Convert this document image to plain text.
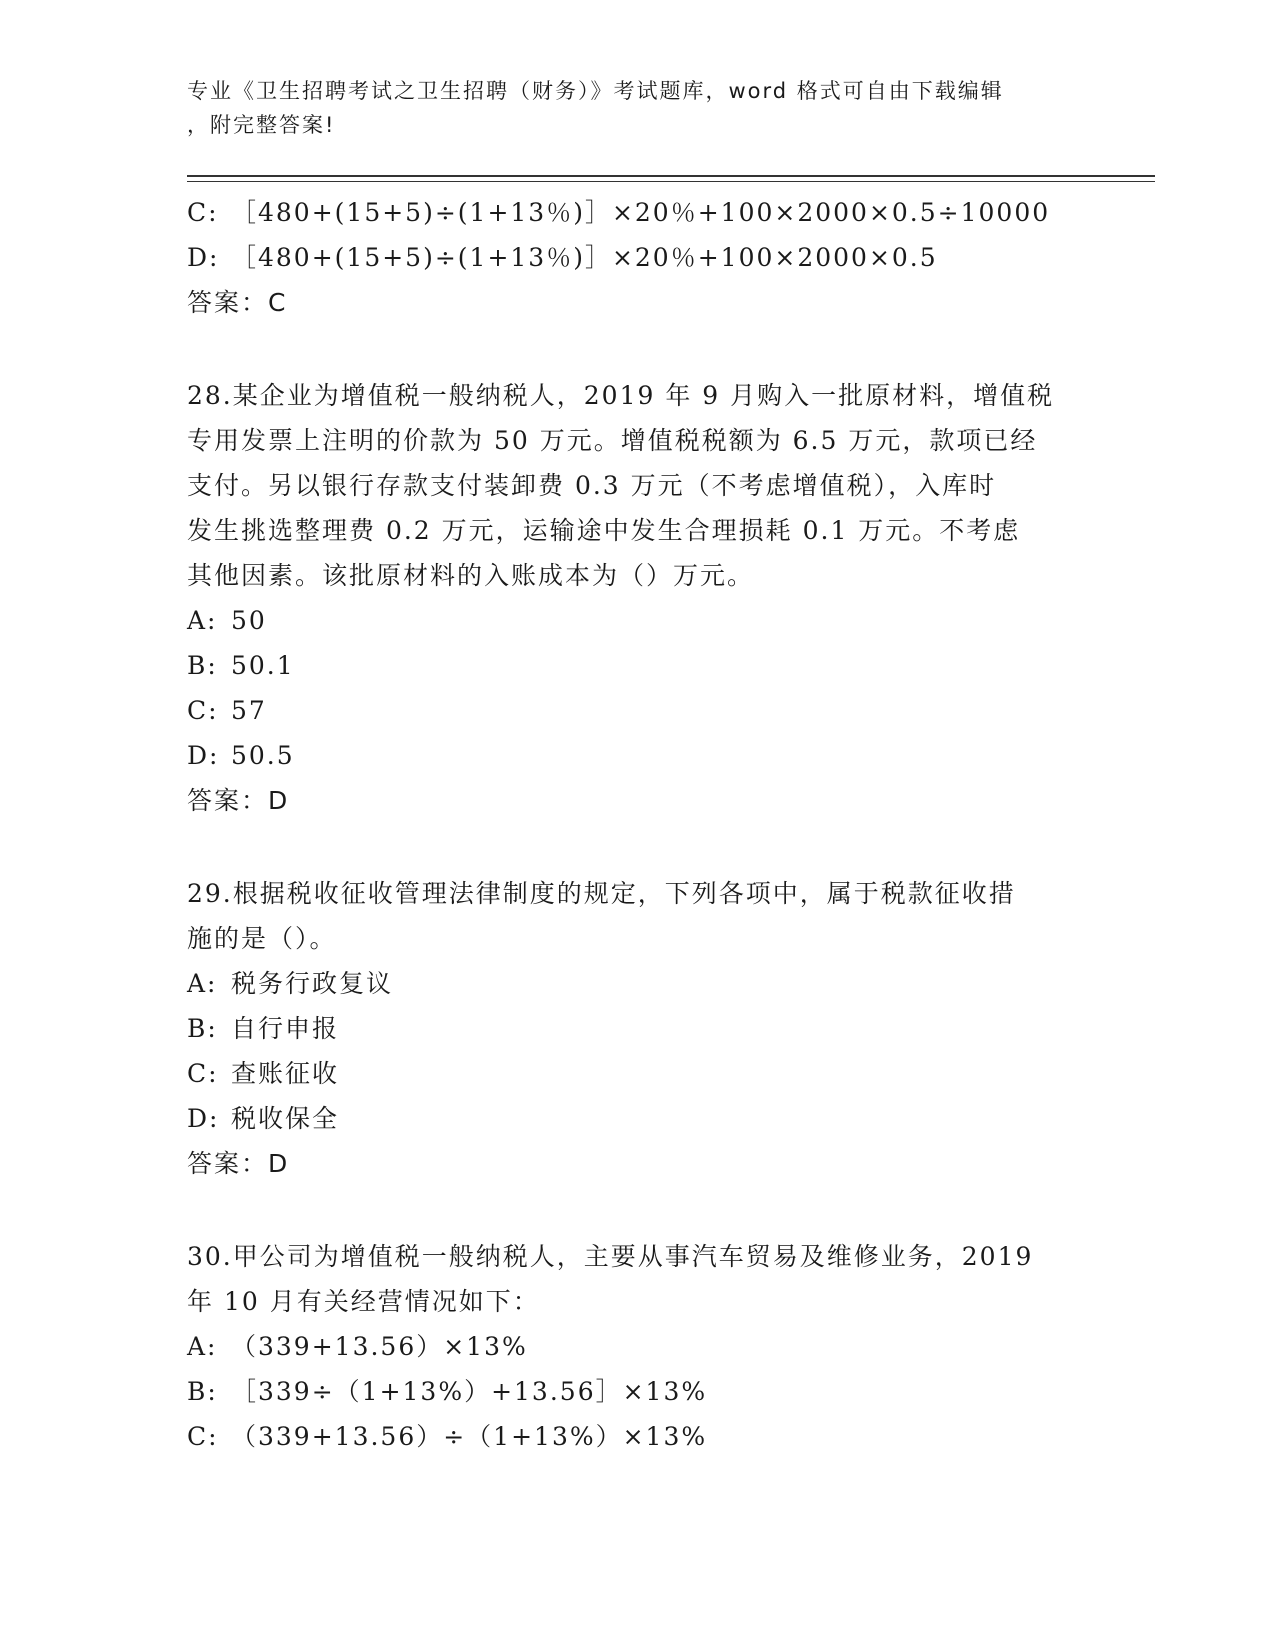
专业《卫生招聘考试之卫生招聘（财务）》考试题库，word 格式可自由下载编辑
，附完整答案!
C: ［480+(15+5)÷(1+13％)］×20％+100×2000×0.5÷10000
D: ［480+(15+5)÷(1+13％)］×20％+100×2000×0.5

答案：C

28.某企业为增值税一般纳税人，2019 年 9 月购入一批原材料，增值税

专用发票上注明的价款为 50 万元。增值税税额为 6.5 万元，款项已经

支付。另以银行存款支付装卸费 0.3 万元（不考虑增值税），入库时

发生挑选整理费 0.2 万元，运输途中发生合理损耗 0.1 万元。不考虑

其他因素。该批原材料的入账成本为（）万元。

A: 50
B: 50.1
C: 57
D: 50.5

答案：D

29.根据税收征收管理法律制度的规定，下列各项中，属于税款征收措

施的是（）。

A: 税务行政复议
B: 自行申报
C: 查账征收
D: 税收保全

答案：D

30.甲公司为增值税一般纳税人，主要从事汽车贸易及维修业务，2019

年 10 月有关经营情况如下：

A: （339+13.56）×13%
B: ［339÷（1+13%）+13.56］×13%
C: （339+13.56）÷（1+13%）×13%
